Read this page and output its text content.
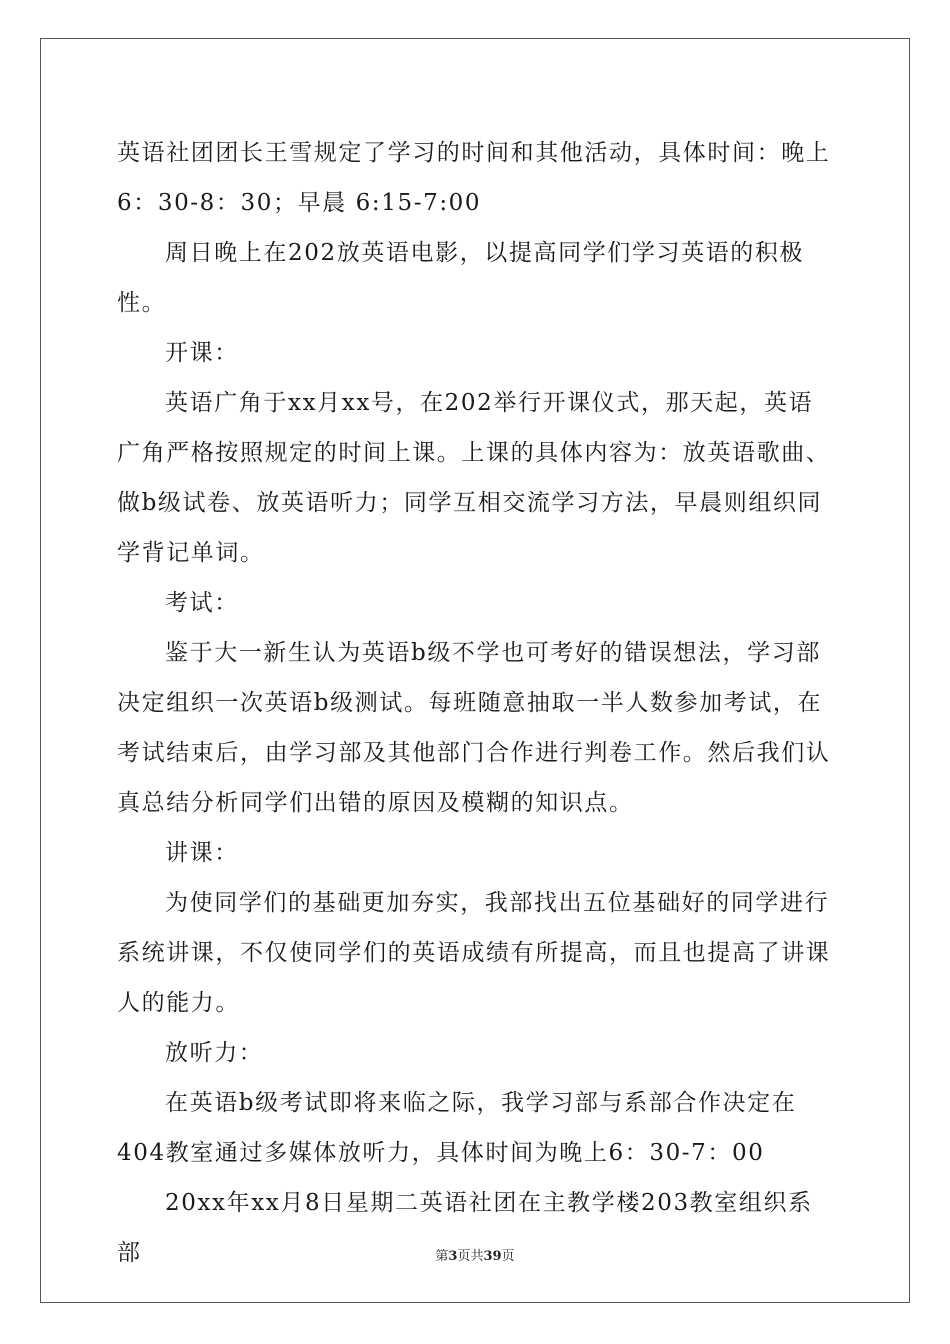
英语社团团长王雪规定了学习的时间和其他活动，具体时间：晚上6：30-8：30；早晨 6:15-7:00

周日晚上在202放英语电影，以提高同学们学习英语的积极性。

开课：

英语广角于xx月xx号，在202举行开课仪式，那天起，英语广角严格按照规定的时间上课。上课的具体内容为：放英语歌曲、做b级试卷、放英语听力；同学互相交流学习方法，早晨则组织同学背记单词。

考试：

鉴于大一新生认为英语b级不学也可考好的错误想法，学习部决定组织一次英语b级测试。每班随意抽取一半人数参加考试，在考试结束后，由学习部及其他部门合作进行判卷工作。然后我们认真总结分析同学们出错的原因及模糊的知识点。

讲课：

为使同学们的基础更加夯实，我部找出五位基础好的同学进行系统讲课，不仅使同学们的英语成绩有所提高，而且也提高了讲课人的能力。

放听力：

在英语b级考试即将来临之际，我学习部与系部合作决定在404教室通过多媒体放听力，具体时间为晚上6：30-7：00

20xx年xx月8日星期二英语社团在主教学楼203教室组织系部	第3页共39页
